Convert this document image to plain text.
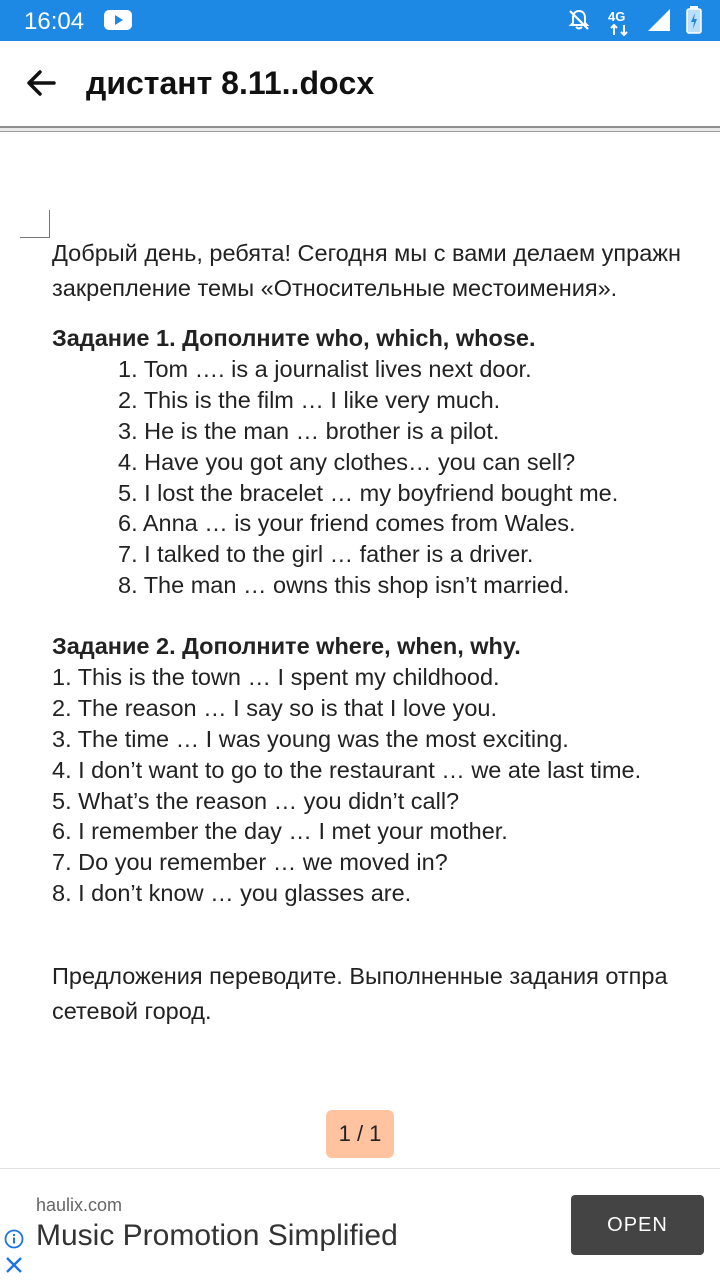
16:04	4G
дистант 8.11..docx
Добрый день, ребята! Сегодня мы с вами делаем упражн
закрепление темы «Относительные местоимения».
Задание 1. Дополните who, which, whose.
1. Tom …. is a journalist lives next door.
2. This is the film … I like very much.
3. He is the man … brother is a pilot.
4. Have you got any clothes… you can sell?
5. I lost the bracelet … my boyfriend bought me.
6. Anna … is your friend comes from Wales.
7. I talked to the girl … father is a driver.
8. The man … owns this shop isn’t married.
Задание 2. Дополните where, when, why.
1. This is the town … I spent my childhood.
2. The reason … I say so is that I love you.
3. The time … I was young was the most exciting.
4. I don’t want to go to the restaurant … we ate last time.
5. What’s the reason … you didn’t call?
6. I remember the day … I met your mother.
7. Do you remember … we moved in?
8. I don’t know … you glasses are.
Предложения переводите. Выполненные задания отпра
сетевой город.
1 / 1
haulix.com
Music Promotion Simplified	OPEN
